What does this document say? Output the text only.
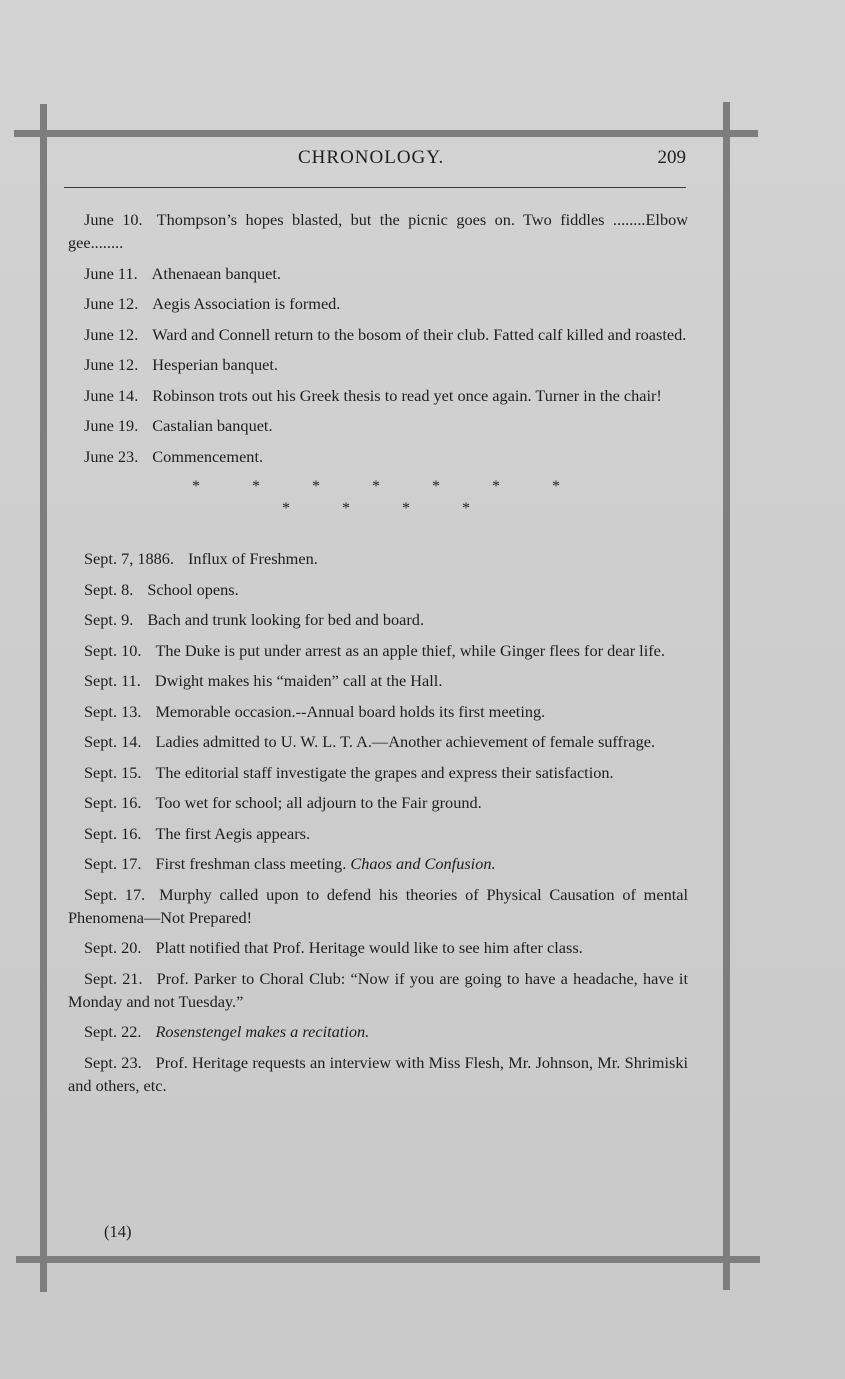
CHRONOLOGY.	209

June 10. Thompson’s hopes blasted, but the picnic goes on. Two fiddles ........Elbow gee........

June 11. Athenaean banquet.

June 12. Aegis Association is formed.

June 12. Ward and Connell return to the bosom of their club. Fatted calf killed and roasted.

June 12. Hesperian banquet.

June 14. Robinson trots out his Greek thesis to read yet once again. Turner in the chair!

June 19. Castalian banquet.

June 23. Commencement.

*	*	*	*	*	*	*
*	*	*	*

Sept. 7, 1886. Influx of Freshmen.

Sept. 8. School opens.

Sept. 9. Bach and trunk looking for bed and board.

Sept. 10. The Duke is put under arrest as an apple thief, while Ginger flees for dear life.

Sept. 11. Dwight makes his “maiden” call at the Hall.

Sept. 13. Memorable occasion.--Annual board holds its first meeting.

Sept. 14. Ladies admitted to U. W. L. T. A.—Another achievement of female suffrage.

Sept. 15. The editorial staff investigate the grapes and express their satisfaction.

Sept. 16. Too wet for school; all adjourn to the Fair ground.

Sept. 16. The first Aegis appears.

Sept. 17. First freshman class meeting. Chaos and Confusion.

Sept. 17. Murphy called upon to defend his theories of Physical Causation of mental Phenomena—Not Prepared!

Sept. 20. Platt notified that Prof. Heritage would like to see him after class.

Sept. 21. Prof. Parker to Choral Club: “Now if you are going to have a headache, have it Monday and not Tuesday.”

Sept. 22. Rosenstengel makes a recitation.

Sept. 23. Prof. Heritage requests an interview with Miss Flesh, Mr. Johnson, Mr. Shrimiski and others, etc.

(14)
